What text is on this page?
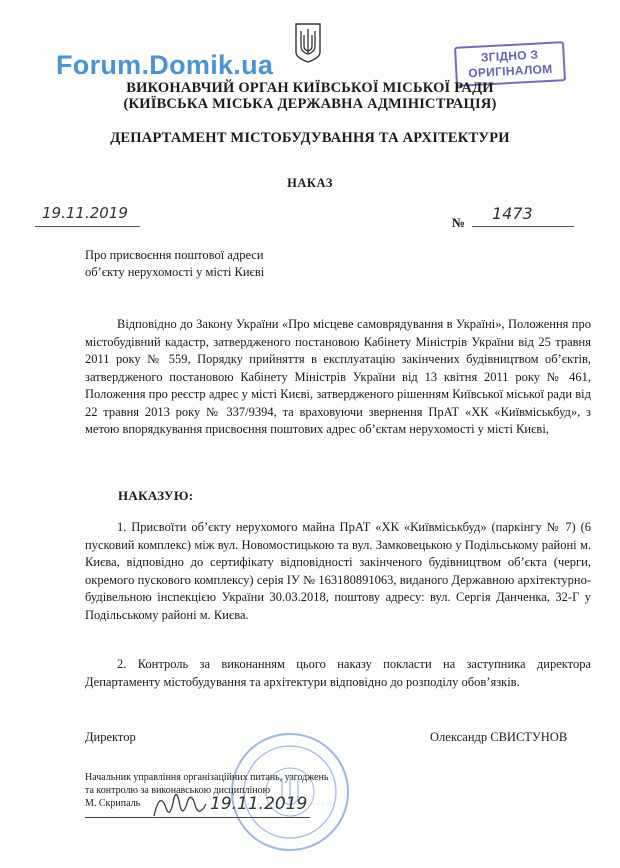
Forum.Domik.ua	ЗГІДНО З
ОРИГІНАЛОМ
ВИКОНАВЧИЙ ОРГАН КИЇВСЬКОЇ МІСЬКОЇ РАДИ
(КИЇВСЬКА МІСЬКА ДЕРЖАВНА АДМІНІСТРАЦІЯ)
ДЕПАРТАМЕНТ МІСТОБУДУВАННЯ ТА АРХІТЕКТУРИ
НАКАЗ
19.11.2019
№ 1473
Про присвоєння поштової адреси
об’єкту нерухомості у місті Києві
Відповідно до Закону України «Про місцеве самоврядування в Україні», Положення про містобудівний кадастр, затвердженого постановою Кабінету Міністрів України від 25 травня 2011 року № 559, Порядку прийняття в експлуатацію закінчених будівництвом об’єктів, затвердженого постановою Кабінету Міністрів України від 13 квітня 2011 року № 461, Положення про реєстр адрес у місті Києві, затвердженого рішенням Київської міської ради від 22 травня 2013 року № 337/9394, та враховуючи звернення ПрАТ «ХК «Київміськбуд», з метою впорядкування присвоєння поштових адрес об’єктам нерухомості у місті Києві,
НАКАЗУЮ:
1. Присвоїти об’єкту нерухомого майна ПрАТ «ХК «Київміськбуд» (паркінгу № 7) (6 пусковий комплекс) між вул. Новомостицькою та вул. Замковецькою у Подільському районі м. Києва, відповідно до сертифікату відповідності закінченого будівництвом об’єкта (черги, окремого пускового комплексу) серія ІУ № 163180891063, виданого Державною архітектурно-будівельною інспекцією України 30.03.2018, поштову адресу: вул. Сергія Данченка, 32-Г у Подільському районі м. Києва.
2. Контроль за виконанням цього наказу покласти на заступника директора Департаменту містобудування та архітектури відповідно до розподілу обов’язків.
Директор	Олександр СВИСТУНОВ
Начальник управління організаційних питань, узгоджень
та контролю за виконавською дисципліною
М. Скрипаль	19.11.2019
